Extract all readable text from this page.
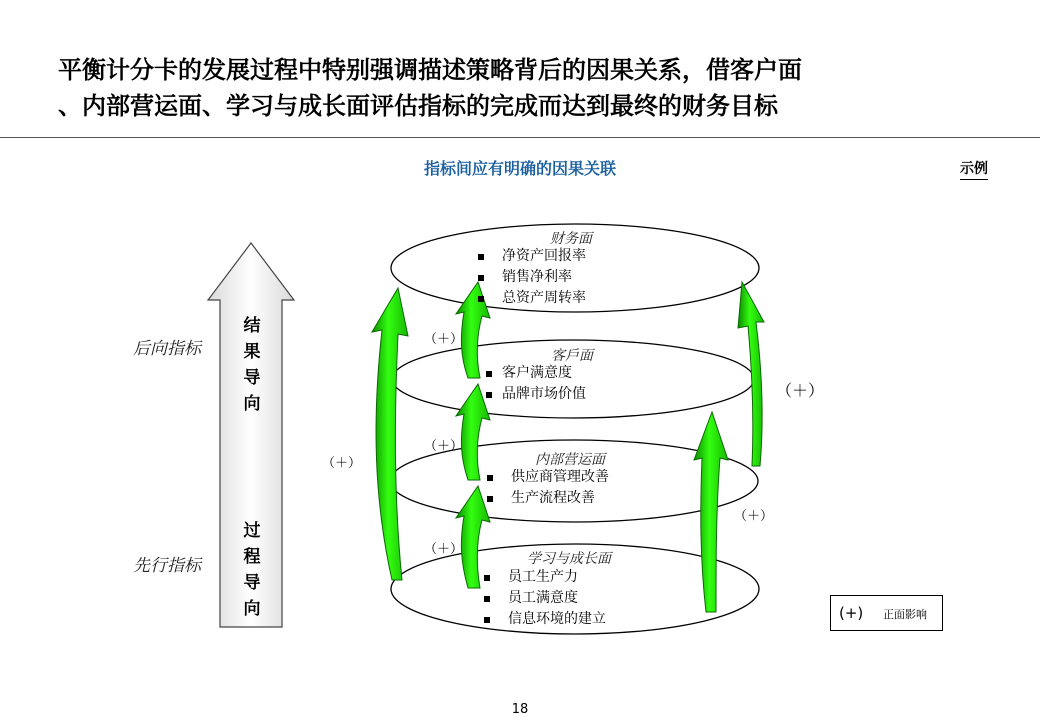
平衡计分卡的发展过程中特别强调描述策略背后的因果关系，借客户面
、内部营运面、学习与成长面评估指标的完成而达到最终的财务目标
指标间应有明确的因果关联	示例
后向指标
先行指标
结
果
导
向
过
程
导
向
财务面
净资产回报率
销售净利率
总资产周转率
客戶面
客户满意度
品牌市场价值
内部营运面
供应商管理改善
生产流程改善
学习与成长面
员工生产力
员工满意度
信息环境的建立
（＋）
（＋）
（＋）
（＋）
（＋）
（＋）
(+) 正面影响
18
